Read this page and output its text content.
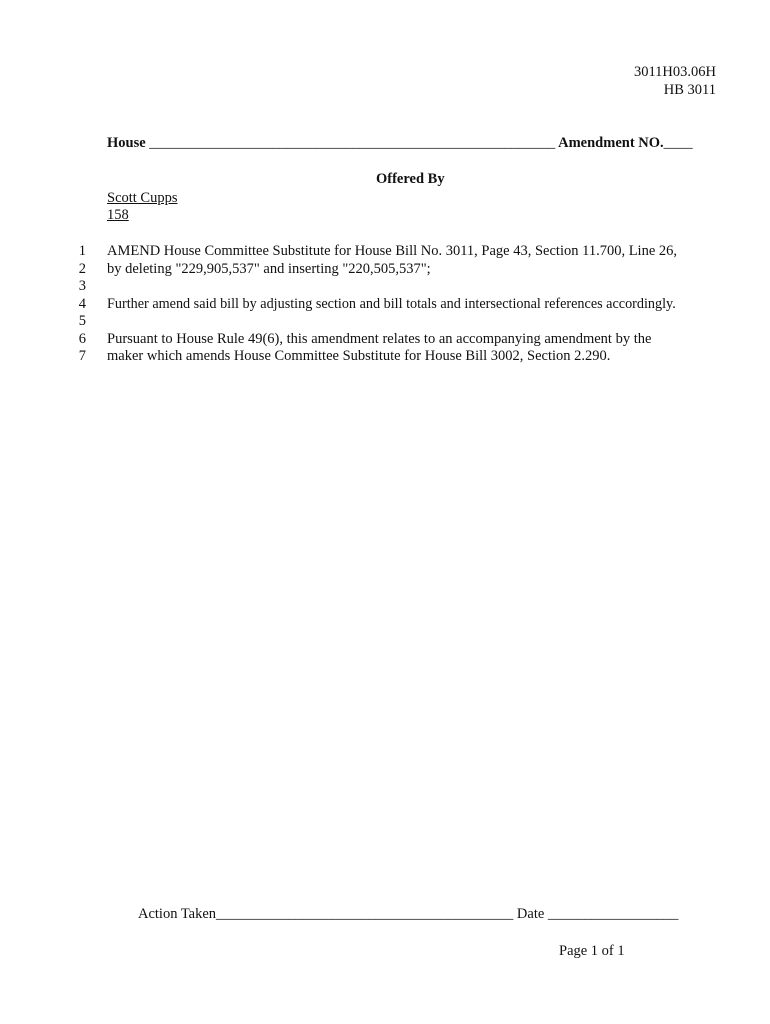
3011H03.06H
HB 3011
House ________________________________________________________ Amendment NO.____
Offered By
Scott Cupps
158
1 AMEND House Committee Substitute for House Bill No. 3011, Page 43, Section 11.700, Line 26,
2 by deleting "229,905,537" and inserting "220,505,537";
3
4 Further amend said bill by adjusting section and bill totals and intersectional references accordingly.
5
6 Pursuant to House Rule 49(6), this amendment relates to an accompanying amendment by the
7 maker which amends House Committee Substitute for House Bill 3002, Section 2.290.
Action Taken_________________________________________ Date __________________
Page 1 of 1
